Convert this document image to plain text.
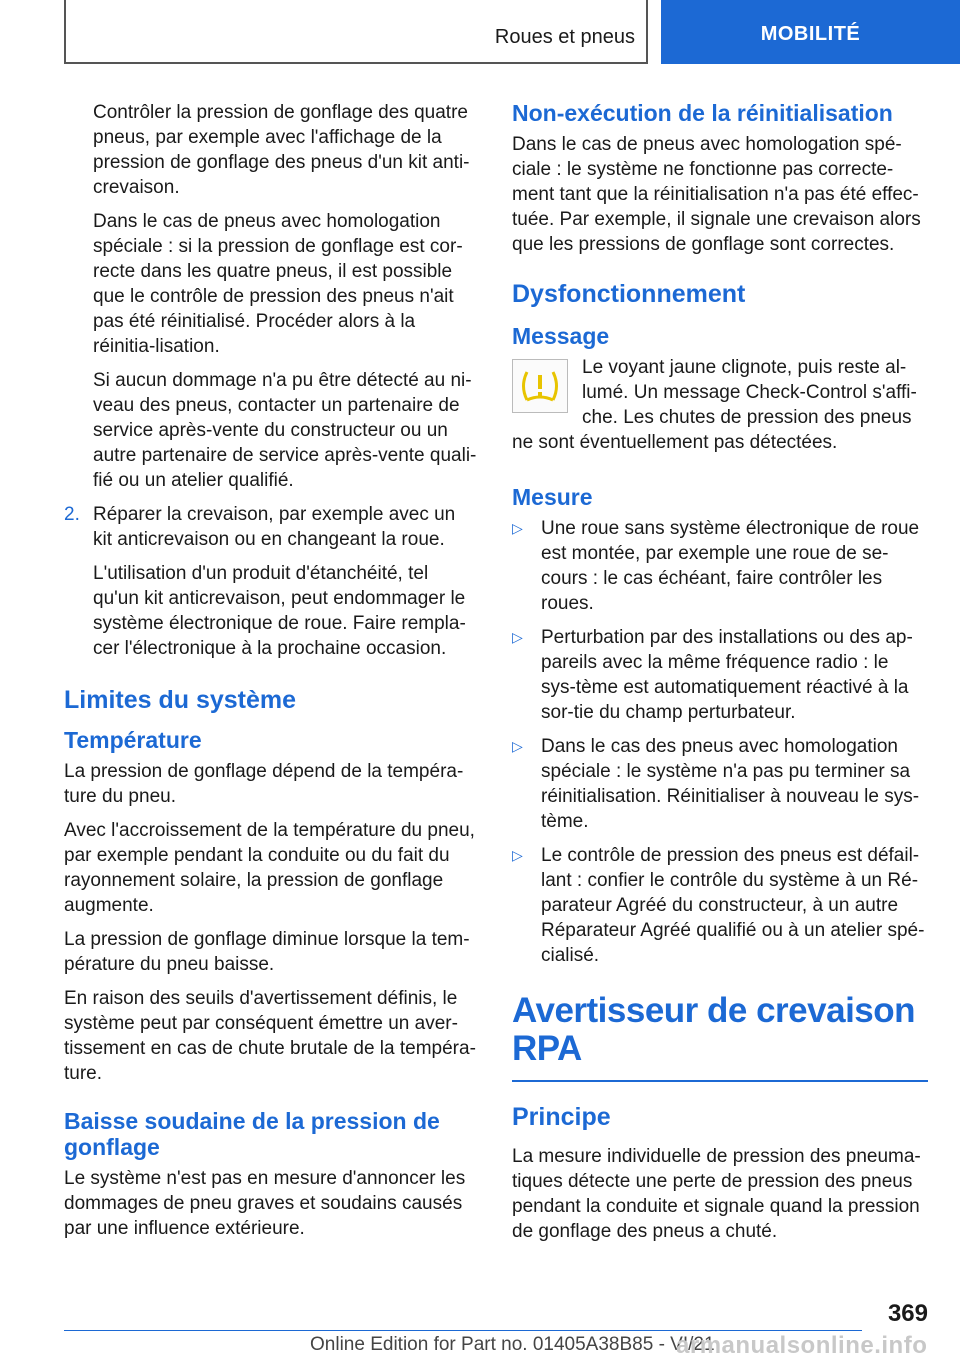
Roues et pneus	MOBILITÉ

Contrôler la pression de gonflage des quatre pneus, par exemple avec l'affichage de la pression de gonflage des pneus d'un kit anti-crevaison.

Dans le cas de pneus avec homologation spéciale : si la pression de gonflage est cor-recte dans les quatre pneus, il est possible que le contrôle de pression des pneus n'ait pas été réinitialisé. Procéder alors à la réinitia-lisation.

Si aucun dommage n'a pu être détecté au ni-veau des pneus, contacter un partenaire de service après-vente du constructeur ou un autre partenaire de service après-vente quali-fié ou un atelier qualifié.

2. Réparer la crevaison, par exemple avec un kit anticrevaison ou en changeant la roue.

L'utilisation d'un produit d'étanchéité, tel qu'un kit anticrevaison, peut endommager le système électronique de roue. Faire rempla-cer l'électronique à la prochaine occasion.

Limites du système
Température

La pression de gonflage dépend de la tempéra-ture du pneu.

Avec l'accroissement de la température du pneu, par exemple pendant la conduite ou du fait du rayonnement solaire, la pression de gonflage augmente.

La pression de gonflage diminue lorsque la tem-pérature du pneu baisse.

En raison des seuils d'avertissement définis, le système peut par conséquent émettre un aver-tissement en cas de chute brutale de la tempéra-ture.

Baisse soudaine de la pression de gonflage

Le système n'est pas en mesure d'annoncer les dommages de pneu graves et soudains causés par une influence extérieure.

Non-exécution de la réinitialisation

Dans le cas de pneus avec homologation spé-ciale : le système ne fonctionne pas correcte-ment tant que la réinitialisation n'a pas été effec-tuée. Par exemple, il signale une crevaison alors que les pressions de gonflage sont correctes.

Dysfonctionnement
Message

Le voyant jaune clignote, puis reste al-lumé. Un message Check-Control s'affi-che. Les chutes de pression des pneus ne sont éventuellement pas détectées.

Mesure
▷ Une roue sans système électronique de roue est montée, par exemple une roue de se-cours : le cas échéant, faire contrôler les roues.

▷ Perturbation par des installations ou des ap-pareils avec la même fréquence radio : le sys-tème est automatiquement réactivé à la sor-tie du champ perturbateur.

▷ Dans le cas des pneus avec homologation spéciale : le système n'a pas pu terminer sa réinitialisation. Réinitialiser à nouveau le sys-tème.

▷ Le contrôle de pression des pneus est défail-lant : confier le contrôle du système à un Ré-parateur Agréé du constructeur, à un autre Réparateur Agréé qualifié ou à un atelier spé-cialisé.

Avertisseur de crevaison RPA
Principe

La mesure individuelle de pression des pneuma-tiques détecte une perte de pression des pneus pendant la conduite et signale quand la pression de gonflage des pneus a chuté.

369
Online Edition for Part no. 01405A38B85 - VI/21
armanualsonline.info
